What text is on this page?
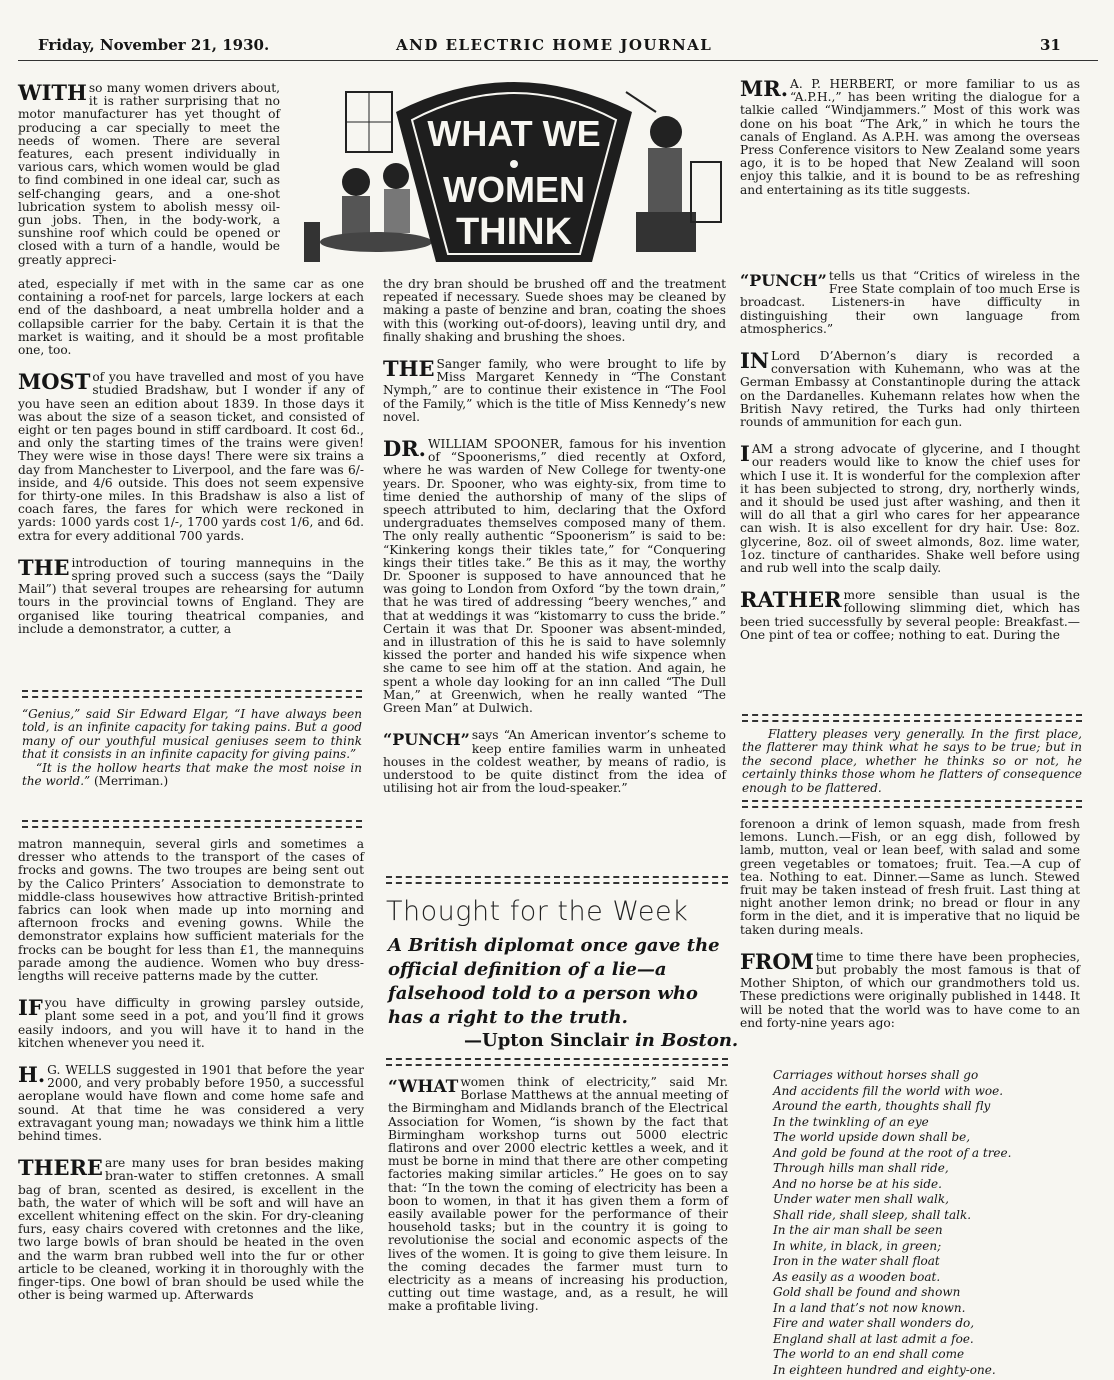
Friday, November 21, 1930.	AND ELECTRIC HOME JOURNAL	31
WHAT WE
WOMEN
THINK

WITH so many women drivers about, it is rather surprising that no motor manufacturer has yet thought of producing a car specially to meet the needs of women. There are several features, each present individually in various cars, which women would be glad to find combined in one ideal car, such as self-changing gears, and a one-shot lubrication system to abolish messy oil-gun jobs. Then, in the body-work, a sunshine roof which could be opened or closed with a turn of a handle, would be greatly appreci-

ated, especially if met with in the same car as one containing a roof-net for parcels, large lockers at each end of the dashboard, a neat umbrella holder and a collapsible carrier for the baby. Certain it is that the market is waiting, and it should be a most profitable one, too.

MOST of you have travelled and most of you have studied Bradshaw, but I wonder if any of you have seen an edition about 1839. In those days it was about the size of a season ticket, and consisted of eight or ten pages bound in stiff cardboard. It cost 6d., and only the starting times of the trains were given! They were wise in those days! There were six trains a day from Manchester to Liverpool, and the fare was 6/- inside, and 4/6 outside. This does not seem expensive for thirty-one miles. In this Bradshaw is also a list of coach fares, the fares for which were reckoned in yards: 1000 yards cost 1/-, 1700 yards cost 1/6, and 6d. extra for every additional 700 yards.

THE introduction of touring mannequins in the spring proved such a success (says the “Daily Mail”) that several troupes are rehearsing for autumn tours in the provincial towns of England. They are organised like touring theatrical companies, and include a demonstrator, a cutter, a

“Genius,” said Sir Edward Elgar, “I have always been told, is an infinite capacity for taking pains. But a good many of our youthful musical geniuses seem to think that it consists in an infinite capacity for giving pains.”

“It is the hollow hearts that make the most noise in the world.” (Merriman.)

matron mannequin, several girls and sometimes a dresser who attends to the transport of the cases of frocks and gowns. The two troupes are being sent out by the Calico Printers’ Association to demonstrate to middle-class housewives how attractive British-printed fabrics can look when made up into morning and afternoon frocks and evening gowns. While the demonstrator explains how sufficient materials for the frocks can be bought for less than £1, the mannequins parade among the audience. Women who buy dress-lengths will receive patterns made by the cutter.

IF you have difficulty in growing parsley outside, plant some seed in a pot, and you’ll find it grows easily indoors, and you will have it to hand in the kitchen whenever you need it.

H. G. WELLS suggested in 1901 that before the year 2000, and very probably before 1950, a successful aeroplane would have flown and come home safe and sound. At that time he was considered a very extravagant young man; nowadays we think him a little behind times.

THERE are many uses for bran besides making bran-water to stiffen cretonnes. A small bag of bran, scented as desired, is excellent in the bath, the water of which will be soft and will have an excellent whitening effect on the skin. For dry-cleaning furs, easy chairs covered with cretonnes and the like, two large bowls of bran should be heated in the oven and the warm bran rubbed well into the fur or other article to be cleaned, working it in thoroughly with the finger-tips. One bowl of bran should be used while the other is being warmed up. Afterwards

the dry bran should be brushed off and the treatment repeated if necessary. Suede shoes may be cleaned by making a paste of benzine and bran, coating the shoes with this (working out-of-doors), leaving until dry, and finally shaking and brushing the shoes.

THE Sanger family, who were brought to life by Miss Margaret Kennedy in “The Constant Nymph,” are to continue their existence in “The Fool of the Family,” which is the title of Miss Kennedy’s new novel.

DR. WILLIAM SPOONER, famous for his invention of “Spoonerisms,” died recently at Oxford, where he was warden of New College for twenty-one years. Dr. Spooner, who was eighty-six, from time to time denied the authorship of many of the slips of speech attributed to him, declaring that the Oxford undergraduates themselves composed many of them. The only really authentic “Spoonerism” is said to be: “Kinkering kongs their tikles tate,” for “Conquering kings their titles take.” Be this as it may, the worthy Dr. Spooner is supposed to have announced that he was going to London from Oxford “by the town drain,” that he was tired of addressing “beery wenches,” and that at weddings it was “kistomarry to cuss the bride.” Certain it was that Dr. Spooner was absent-minded, and in illustration of this he is said to have solemnly kissed the porter and handed his wife sixpence when she came to see him off at the station. And again, he spent a whole day looking for an inn called “The Dull Man,” at Greenwich, when he really wanted “The Green Man” at Dulwich.

“PUNCH” says “An American inventor’s scheme to keep entire families warm in unheated houses in the coldest weather, by means of radio, is understood to be quite distinct from the idea of utilising hot air from the loud-speaker.”

Thought for the Week
A British diplomat once gave the official definition of a lie—a falsehood told to a person who has a right to the truth.
—Upton Sinclair in Boston.

“WHAT women think of electricity,” said Mr. Borlase Matthews at the annual meeting of the Birmingham and Midlands branch of the Electrical Association for Women, “is shown by the fact that Birmingham workshop turns out 5000 electric flatirons and over 2000 electric kettles a week, and it must be borne in mind that there are other competing factories making similar articles.” He goes on to say that: “In the town the coming of electricity has been a boon to women, in that it has given them a form of easily available power for the performance of their household tasks; but in the country it is going to revolutionise the social and economic aspects of the lives of the women. It is going to give them leisure. In the coming decades the farmer must turn to electricity as a means of increasing his production, cutting out time wastage, and, as a result, he will make a profitable living.

MR. A. P. HERBERT, or more familiar to us as “A.P.H.,” has been writing the dialogue for a talkie called “Windjammers.” Most of this work was done on his boat “The Ark,” in which he tours the canals of England. As A.P.H. was among the overseas Press Conference visitors to New Zealand some years ago, it is to be hoped that New Zealand will soon enjoy this talkie, and it is bound to be as refreshing and entertaining as its title suggests.

“PUNCH” tells us that “Critics of wireless in the Free State complain of too much Erse is broadcast. Listeners-in have difficulty in distinguishing their own language from atmospherics.”

IN Lord D’Abernon’s diary is recorded a conversation with Kuhemann, who was at the German Embassy at Constantinople during the attack on the Dardanelles. Kuhemann relates how when the British Navy retired, the Turks had only thirteen rounds of ammunition for each gun.

I AM a strong advocate of glycerine, and I thought our readers would like to know the chief uses for which I use it. It is wonderful for the complexion after it has been subjected to strong, dry, northerly winds, and it should be used just after washing, and then it will do all that a girl who cares for her appearance can wish. It is also excellent for dry hair. Use: 8oz. glycerine, 8oz. oil of sweet almonds, 8oz. lime water, 1oz. tincture of cantharides. Shake well before using and rub well into the scalp daily.

RATHER more sensible than usual is the following slimming diet, which has been tried successfully by several people: Breakfast.—One pint of tea or coffee; nothing to eat. During the

Flattery pleases very generally. In the first place, the flatterer may think what he says to be true; but in the second place, whether he thinks so or not, he certainly thinks those whom he flatters of consequence enough to be flattered.

forenoon a drink of lemon squash, made from fresh lemons. Lunch.—Fish, or an egg dish, followed by lamb, mutton, veal or lean beef, with salad and some green vegetables or tomatoes; fruit. Tea.—A cup of tea. Nothing to eat. Dinner.—Same as lunch. Stewed fruit may be taken instead of fresh fruit. Last thing at night another lemon drink; no bread or flour in any form in the diet, and it is imperative that no liquid be taken during meals.

FROM time to time there have been prophecies, but probably the most famous is that of Mother Shipton, of which our grandmothers told us. These predictions were originally published in 1448. It will be noted that the world was to have come to an end forty-nine years ago:

Carriages without horses shall go
And accidents fill the world with woe.
Around the earth, thoughts shall fly
In the twinkling of an eye
The world upside down shall be,
And gold be found at the root of a tree.
Through hills man shall ride,
And no horse be at his side.
Under water men shall walk,
Shall ride, shall sleep, shall talk.
In the air man shall be seen
In white, in black, in green;
Iron in the water shall float
As easily as a wooden boat.
Gold shall be found and shown
In a land that’s not now known.
Fire and water shall wonders do,
England shall at last admit a foe.
The world to an end shall come
In eighteen hundred and eighty-one.
